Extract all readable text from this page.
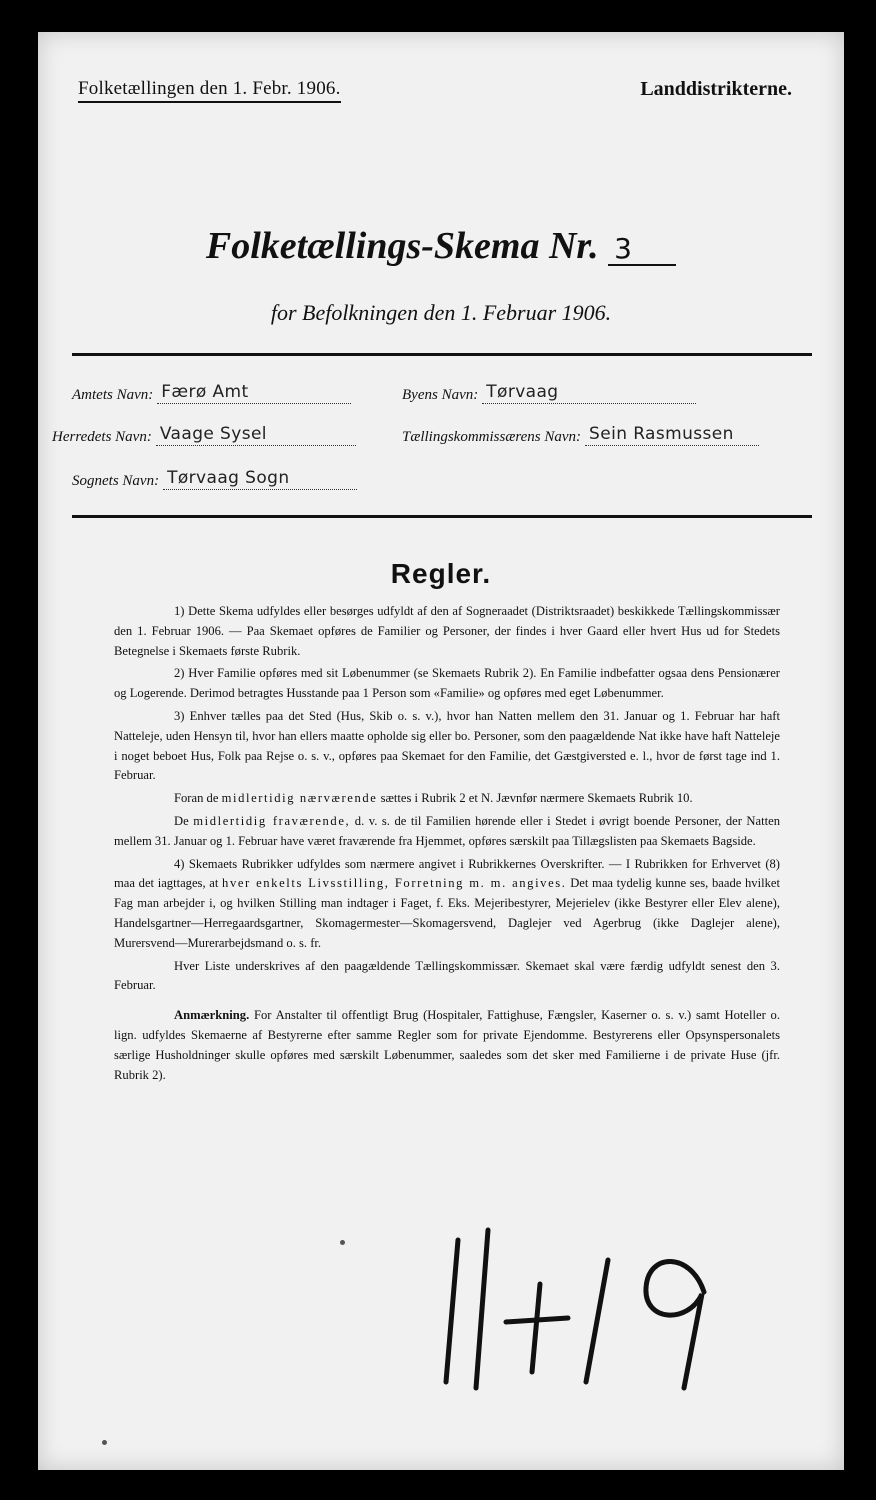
Folketællingen den 1. Febr. 1906.	Landdistrikterne.
Folketællings-Skema Nr. 3
for Befolkningen den 1. Februar 1906.
Amtets Navn: Færø Amt	Byens Navn: Tørvaag
Herredets Navn: Vaage Sysel	Tællingskommissærens Navn: Sein Rasmussen
Sognets Navn: Tørvaag Sogn
Regler.

1) Dette Skema udfyldes eller besørges udfyldt af den af Sogneraadet (Distriktsraadet) beskikkede Tællingskommissær den 1. Februar 1906. — Paa Skemaet opføres de Familier og Personer, der findes i hver Gaard eller hvert Hus ud for Stedets Betegnelse i Skemaets første Rubrik.

2) Hver Familie opføres med sit Løbenummer (se Skemaets Rubrik 2). En Familie indbefatter ogsaa dens Pensionærer og Logerende. Derimod betragtes Husstande paa 1 Person som «Familie» og opføres med eget Løbenummer.

3) Enhver tælles paa det Sted (Hus, Skib o. s. v.), hvor han Natten mellem den 31. Januar og 1. Februar har haft Natteleje, uden Hensyn til, hvor han ellers maatte opholde sig eller bo. Personer, som den paagældende Nat ikke have haft Natteleje i noget beboet Hus, Folk paa Rejse o. s. v., opføres paa Skemaet for den Familie, det Gæstgiversted e. l., hvor de først tage ind 1. Februar.

Foran de midlertidig nærværende sættes i Rubrik 2 et N. Jævnfør nærmere Skemaets Rubrik 10.

De midlertidig fraværende, d. v. s. de til Familien hørende eller i Stedet i øvrigt boende Personer, der Natten mellem 31. Januar og 1. Februar have været fraværende fra Hjemmet, opføres særskilt paa Tillægslisten paa Skemaets Bagside.

4) Skemaets Rubrikker udfyldes som nærmere angivet i Rubrikkernes Overskrifter. — I Rubrikken for Erhvervet (8) maa det iagttages, at hver enkelts Livsstilling, Forretning m. m. angives. Det maa tydelig kunne ses, baade hvilket Fag man arbejder i, og hvilken Stilling man indtager i Faget, f. Eks. Mejeribestyrer, Mejerielev (ikke Bestyrer eller Elev alene), Handelsgartner—Herregaardsgartner, Skomagermester—Skomagersvend, Daglejer ved Agerbrug (ikke Daglejer alene), Murersvend—Murerarbejdsmand o. s. fr.

Hver Liste underskrives af den paagældende Tællingskommissær. Skemaet skal være færdig udfyldt senest den 3. Februar.

Anmærkning. For Anstalter til offentligt Brug (Hospitaler, Fattighuse, Fængsler, Kaserner o. s. v.) samt Hoteller o. lign. udfyldes Skemaerne af Bestyrerne efter samme Regler som for private Ejendomme. Bestyrerens eller Opsynspersonalets særlige Husholdninger skulle opføres med særskilt Løbenummer, saaledes som det sker med Familierne i de private Huse (jfr. Rubrik 2).
